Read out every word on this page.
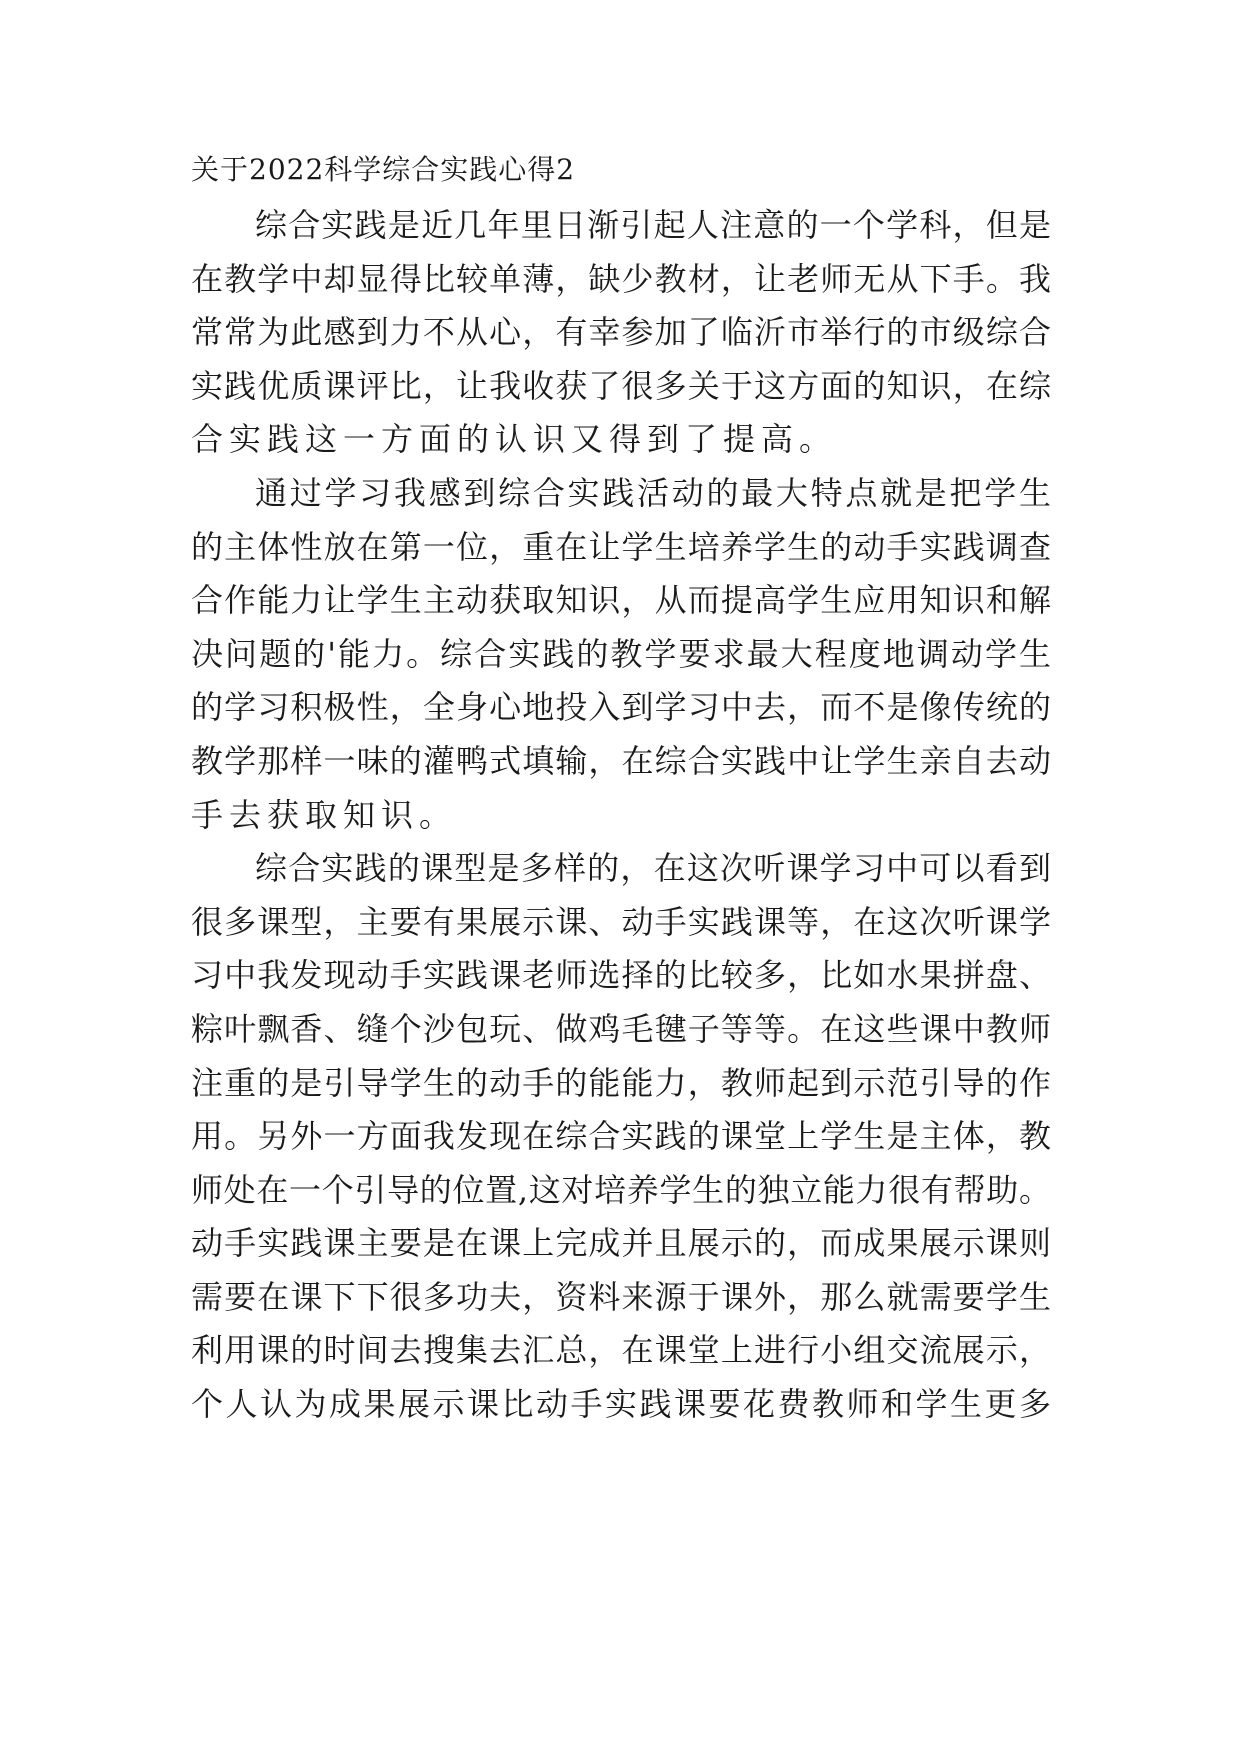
关于2022科学综合实践心得2
综合实践是近几年里日渐引起人注意的一个学科，但是
在教学中却显得比较单薄，缺少教材，让老师无从下手。我
常常为此感到力不从心，有幸参加了临沂市举行的市级综合
实践优质课评比，让我收获了很多关于这方面的知识，在综
合实践这一方面的认识又得到了提高。
通过学习我感到综合实践活动的最大特点就是把学生
的主体性放在第一位，重在让学生培养学生的动手实践调查
合作能力让学生主动获取知识，从而提高学生应用知识和解
决问题的'能力。综合实践的教学要求最大程度地调动学生
的学习积极性，全身心地投入到学习中去，而不是像传统的
教学那样一味的灌鸭式填输，在综合实践中让学生亲自去动
手去获取知识。
综合实践的课型是多样的，在这次听课学习中可以看到
很多课型，主要有果展示课、动手实践课等，在这次听课学
习中我发现动手实践课老师选择的比较多，比如水果拼盘、
粽叶飘香、缝个沙包玩、做鸡毛毽子等等。在这些课中教师
注重的是引导学生的动手的能能力，教师起到示范引导的作
用。另外一方面我发现在综合实践的课堂上学生是主体，教
师处在一个引导的位置,这对培养学生的独立能力很有帮助。
动手实践课主要是在课上完成并且展示的，而成果展示课则
需要在课下下很多功夫，资料来源于课外，那么就需要学生
利用课的时间去搜集去汇总，在课堂上进行小组交流展示，
个人认为成果展示课比动手实践课要花费教师和学生更多
